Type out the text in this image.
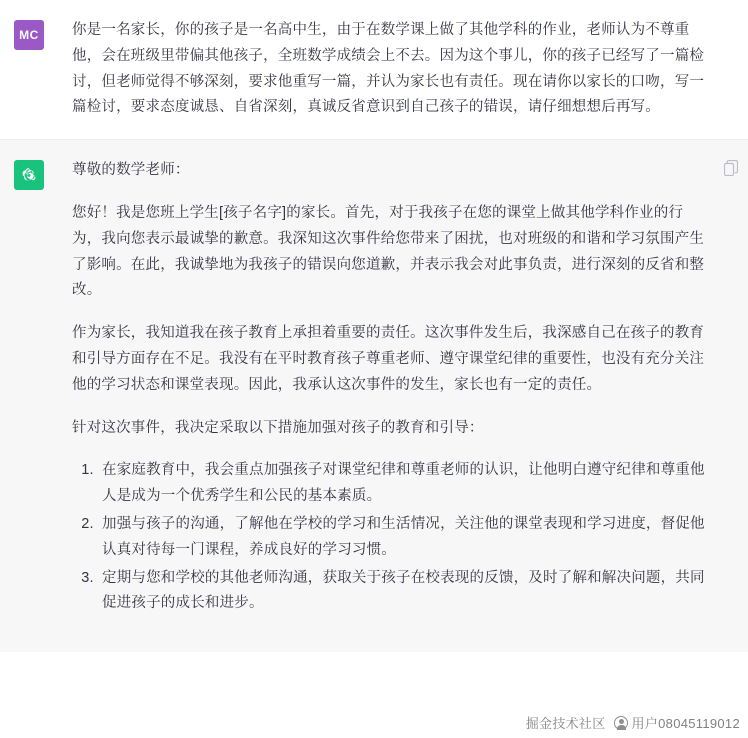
MC	你是一名家长，你的孩子是一名高中生，由于在数学课上做了其他学科的作业，老师认为不尊重他，会在班级里带偏其他孩子，全班数学成绩会上不去。因为这个事儿，你的孩子已经写了一篇检讨，但老师觉得不够深刻，要求他重写一篇，并认为家长也有责任。现在请你以家长的口吻，写一篇检讨，要求态度诚恳、自省深刻，真诚反省意识到自己孩子的错误，请仔细想想后再写。

尊敬的数学老师：

您好！我是您班上学生[孩子名字]的家长。首先，对于我孩子在您的课堂上做其他学科作业的行为，我向您表示最诚挚的歉意。我深知这次事件给您带来了困扰，也对班级的和谐和学习氛围产生了影响。在此，我诚挚地为我孩子的错误向您道歉，并表示我会对此事负责，进行深刻的反省和整改。

作为家长，我知道我在孩子教育上承担着重要的责任。这次事件发生后，我深感自己在孩子的教育和引导方面存在不足。我没有在平时教育孩子尊重老师、遵守课堂纪律的重要性，也没有充分关注他的学习状态和课堂表现。因此，我承认这次事件的发生，家长也有一定的责任。

针对这次事件，我决定采取以下措施加强对孩子的教育和引导：

1. 在家庭教育中，我会重点加强孩子对课堂纪律和尊重老师的认识，让他明白遵守纪律和尊重他人是成为一个优秀学生和公民的基本素质。
2. 加强与孩子的沟通，了解他在学校的学习和生活情况，关注他的课堂表现和学习进度，督促他认真对待每一门课程，养成良好的学习习惯。
3. 定期与您和学校的其他老师沟通，获取关于孩子在校表现的反馈，及时了解和解决问题，共同促进孩子的成长和进步。
掘金技术社区 用户08045119012
